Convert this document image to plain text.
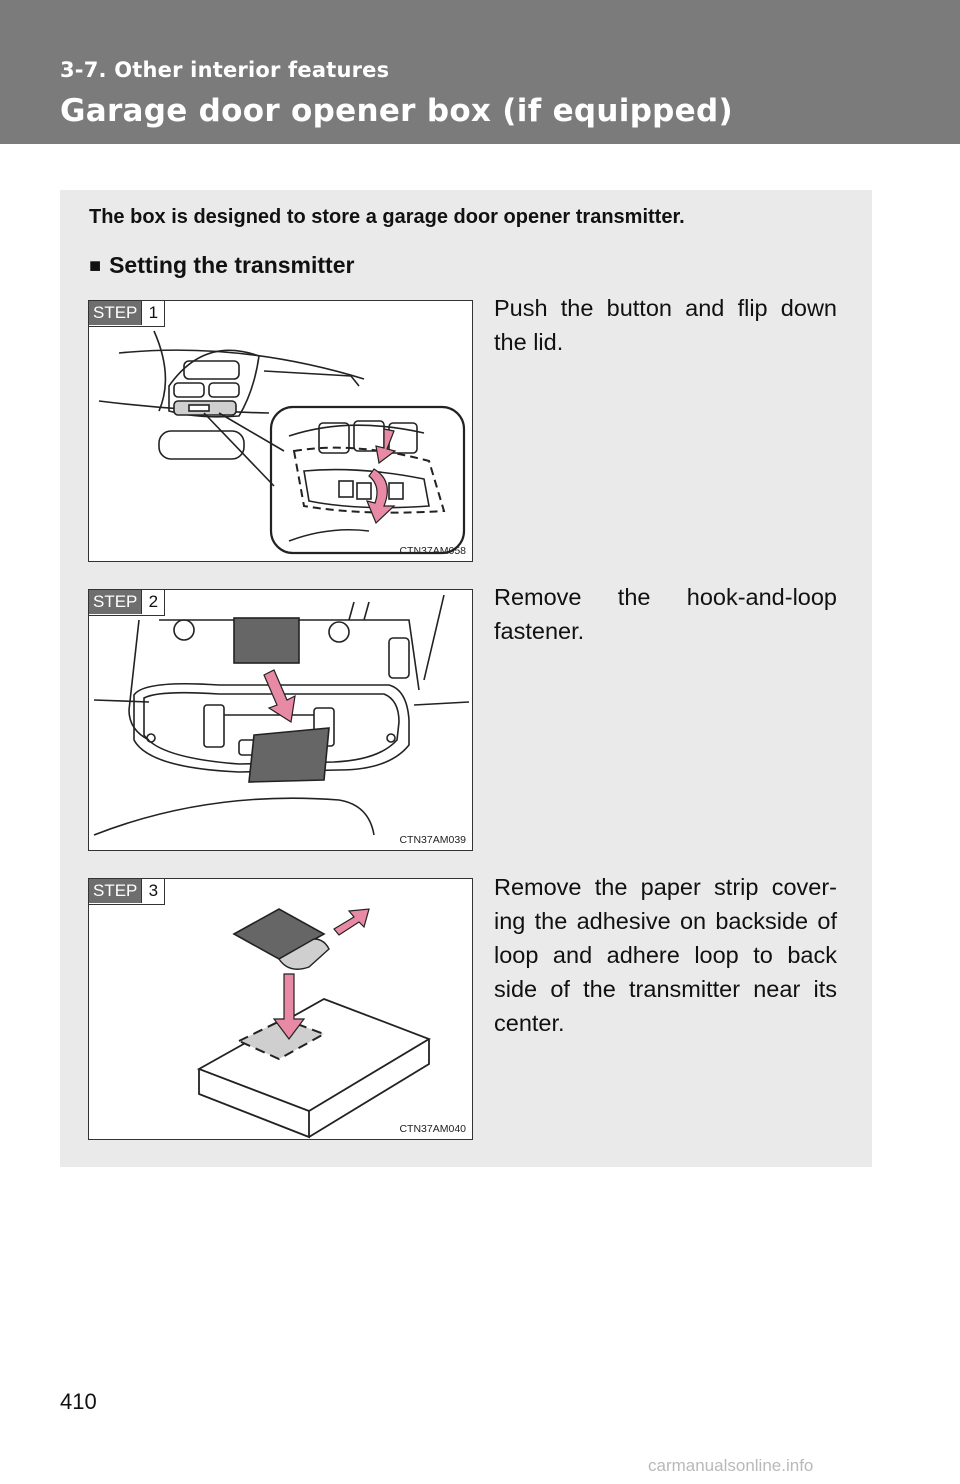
3-7. Other interior features
Garage door opener box (if equipped)
The box is designed to store a garage door opener transmitter.
■ Setting the transmitter
STEP 1
CTN37AM058
Push the button and flip down the lid.
STEP 2
CTN37AM039
Remove the hook-and-loop fastener.
STEP 3
CTN37AM040
Remove the paper strip cover-ing the adhesive on backside of loop and adhere loop to back side of the transmitter near its center.
410
carmanualsonline.info
